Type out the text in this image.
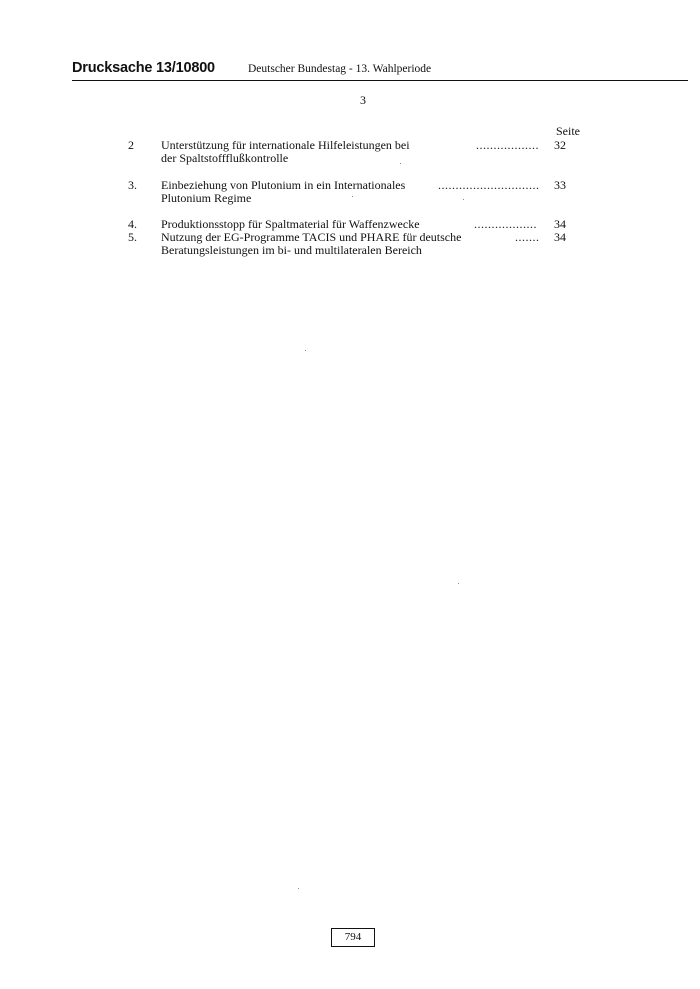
Drucksache 13/10800	Deutscher Bundestag - 13. Wahlperiode
3
Seite
2 Unterstützung für internationale Hilfeleistungen bei
der Spaltstoffflußkontrolle
.................. 32
3. Einbeziehung von Plutonium in ein Internationales
Plutonium Regime
............................. 33
4. Produktionsstopp für Spaltmaterial für Waffenzwecke	.................. 34
5. Nutzung der EG-Programme TACIS und PHARE für deutsche
Beratungsleistungen im bi- und multilateralen Bereich
....... 34
794
